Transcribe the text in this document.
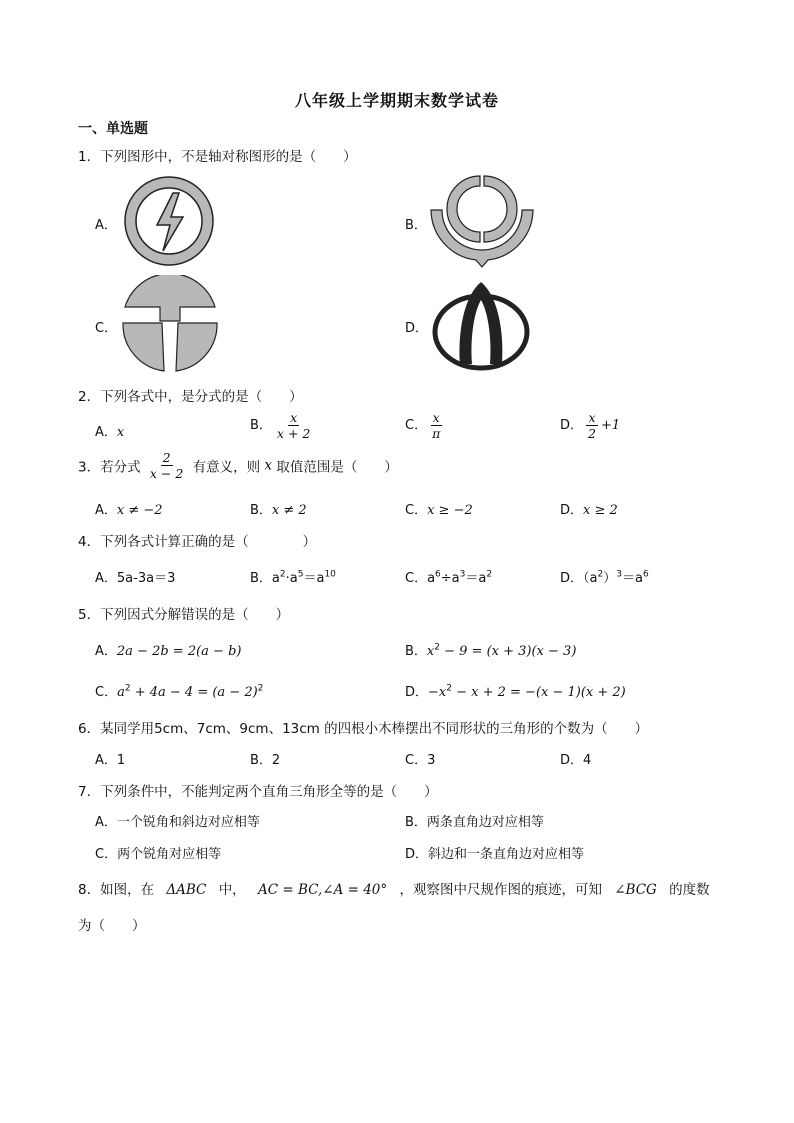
八年级上学期期末数学试卷
一、单选题
1．下列图形中，不是轴对称图形的是（　　）
A．	B．
C．	D．
2．下列各式中，是分式的是（　　）
A．x	B． $\frac{x}{x + 2}$	C． $\frac{x}{\pi}$	D． $\frac{x}{2} +1$
3．若分式 $\frac{2}{x - 2}$ 有意义，则 x 取值范围是（　　）
A．x ≠ −2	B．x ≠ 2	C．x ≥ −2	D．x ≥ 2
4．下列各式计算正确的是（　　　　）
A．5a-3a＝3	B．$a^2\cdot a^5=a^{10}$	C．$a^6\div a^3=a^2$	D．$(a^2)^3=a^6$
5．下列因式分解错误的是（　　）
A．2a − 2b = 2(a − b)	B．$x^2 - 9 = (x + 3)(x - 3)$
C．$a^2 + 4a - 4 = (a - 2)^2$	D．$-x^2 - x + 2 = -(x - 1)(x + 2)$
6．某同学用5cm、7cm、9cm、13cm 的四根小木棒摆出不同形状的三角形的个数为（　　）
A．1	B．2	C．3	D．4
7．下列条件中，不能判定两个直角三角形全等的是（　　）
A．一个锐角和斜边对应相等	B．两条直角边对应相等
C．两个锐角对应相等	D．斜边和一条直角边对应相等
8．如图，在 ΔABC 中， AC = BC,∠A = 40° ，观察图中尺规作图的痕迹，可知 ∠BCG 的度数
为（　　）
